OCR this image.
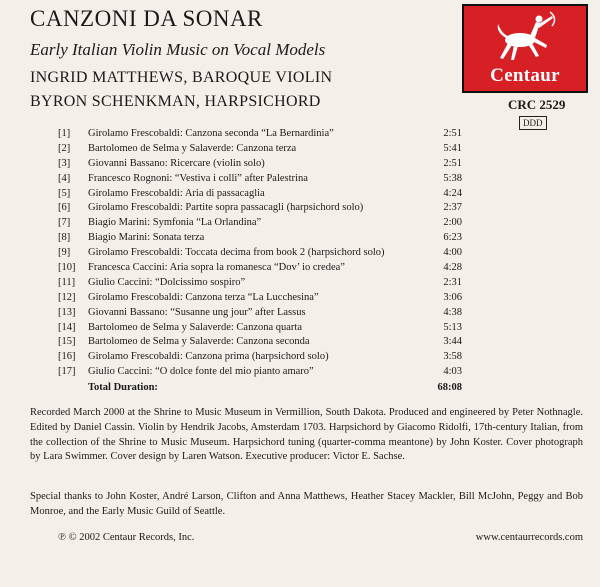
CANZONI DA SONAR
Early Italian Violin Music on Vocal Models
INGRID MATTHEWS, BAROQUE VIOLIN
BYRON SCHENKMAN, HARPSICHORD
Centaur
CRC 2529
DDD
[1]	Girolamo Frescobaldi: Canzona seconda “La Bernardinia”	2:51
[2]	Bartolomeo de Selma y Salaverde: Canzona terza	5:41
[3]	Giovanni Bassano: Ricercare (violin solo)	2:51
[4]	Francesco Rognoni: “Vestiva i colli” after Palestrina	5:38
[5]	Girolamo Frescobaldi: Aria di passacaglia	4:24
[6]	Girolamo Frescobaldi: Partite sopra passacagli (harpsichord solo)	2:37
[7]	Biagio Marini: Symfonia “La Orlandina”	2:00
[8]	Biagio Marini: Sonata terza	6:23
[9]	Girolamo Frescobaldi: Toccata decima from book 2 (harpsichord solo)	4:00
[10]	Francesca Caccini: Aria sopra la romanesca “Dov’ io credea”	4:28
[11]	Giulio Caccini: “Dolcissimo sospiro”	2:31
[12]	Girolamo Frescobaldi: Canzona terza “La Lucchesina”	3:06
[13]	Giovanni Bassano: “Susanne ung jour” after Lassus	4:38
[14]	Bartolomeo de Selma y Salaverde: Canzona quarta	5:13
[15]	Bartolomeo de Selma y Salaverde: Canzona seconda	3:44
[16]	Girolamo Frescobaldi: Canzona prima (harpsichord solo)	3:58
[17]	Giulio Caccini: “O dolce fonte del mio pianto amaro”	4:03
Total Duration:	68:08
Recorded March 2000 at the Shrine to Music Museum in Vermillion, South Dakota. Produced and engineered by Peter Nothnagle. Edited by Daniel Cassin. Violin by Hendrik Jacobs, Amsterdam 1703. Harpsichord by Giacomo Ridolfi, 17th-century Italian, from the collection of the Shrine to Music Museum. Harpsichord tuning (quarter-comma meantone) by John Koster. Cover photograph by Lara Swimmer. Cover design by Laren Watson. Executive producer: Victor E. Sachse.
Special thanks to John Koster, André Larson, Clifton and Anna Matthews, Heather Stacey Mackler, Bill McJohn, Peggy and Bob Monroe, and the Early Music Guild of Seattle.
℗ © 2002 Centaur Records, Inc.	www.centaurrecords.com
